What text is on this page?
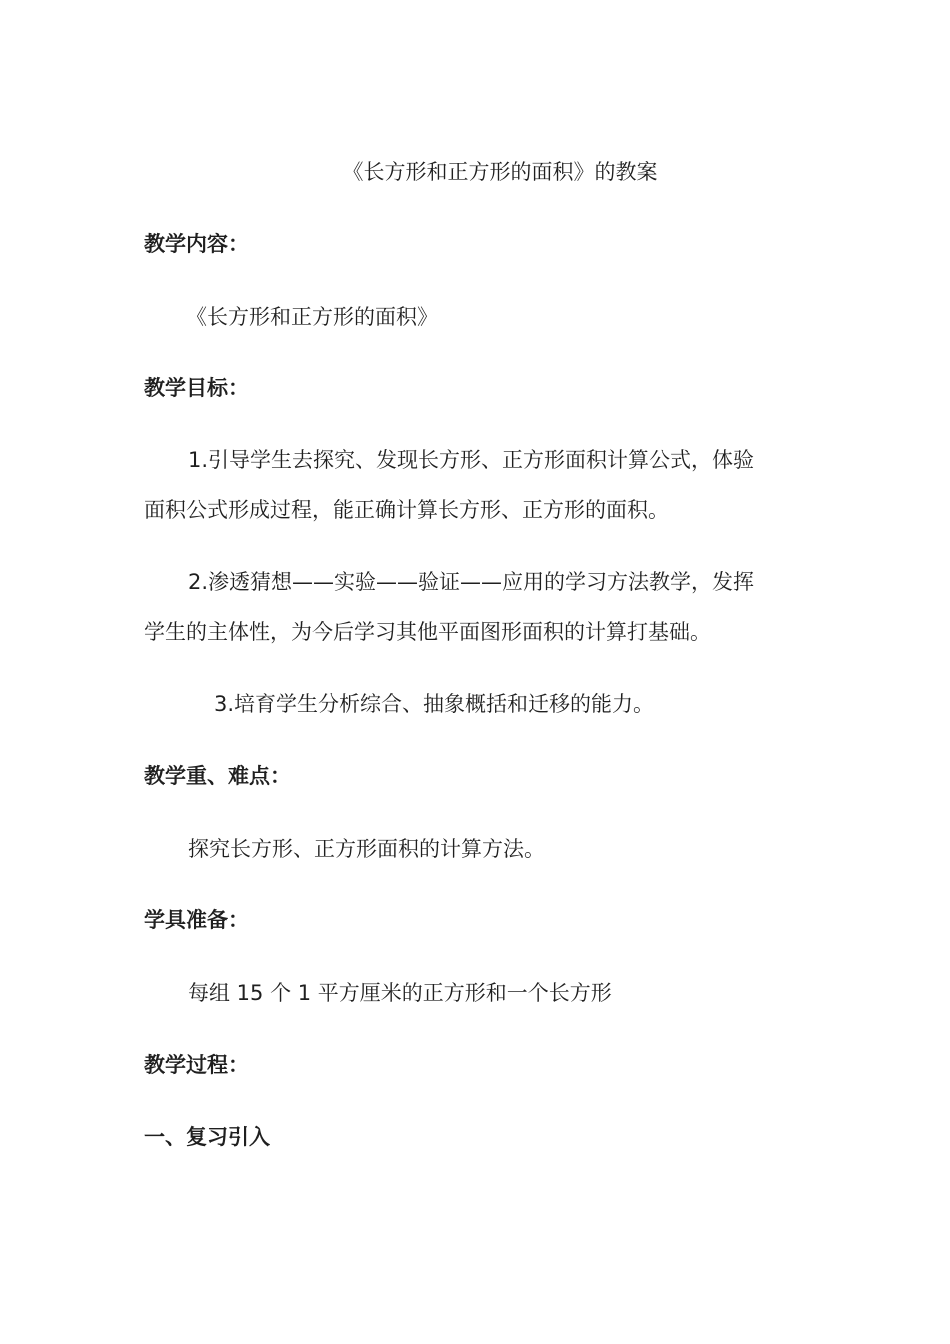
《长方形和正方形的面积》的教案
教学内容：
《长方形和正方形的面积》
教学目标：
1.引导学生去探究、发现长方形、正方形面积计算公式，体验
面积公式形成过程，能正确计算长方形、正方形的面积。
2.渗透猜想——实验——验证——应用的学习方法教学，发挥
学生的主体性，为今后学习其他平面图形面积的计算打基础。
3.培育学生分析综合、抽象概括和迁移的能力。
教学重、难点：
探究长方形、正方形面积的计算方法。
学具准备：
每组 15 个 1 平方厘米的正方形和一个长方形
教学过程：
一、复习引入
